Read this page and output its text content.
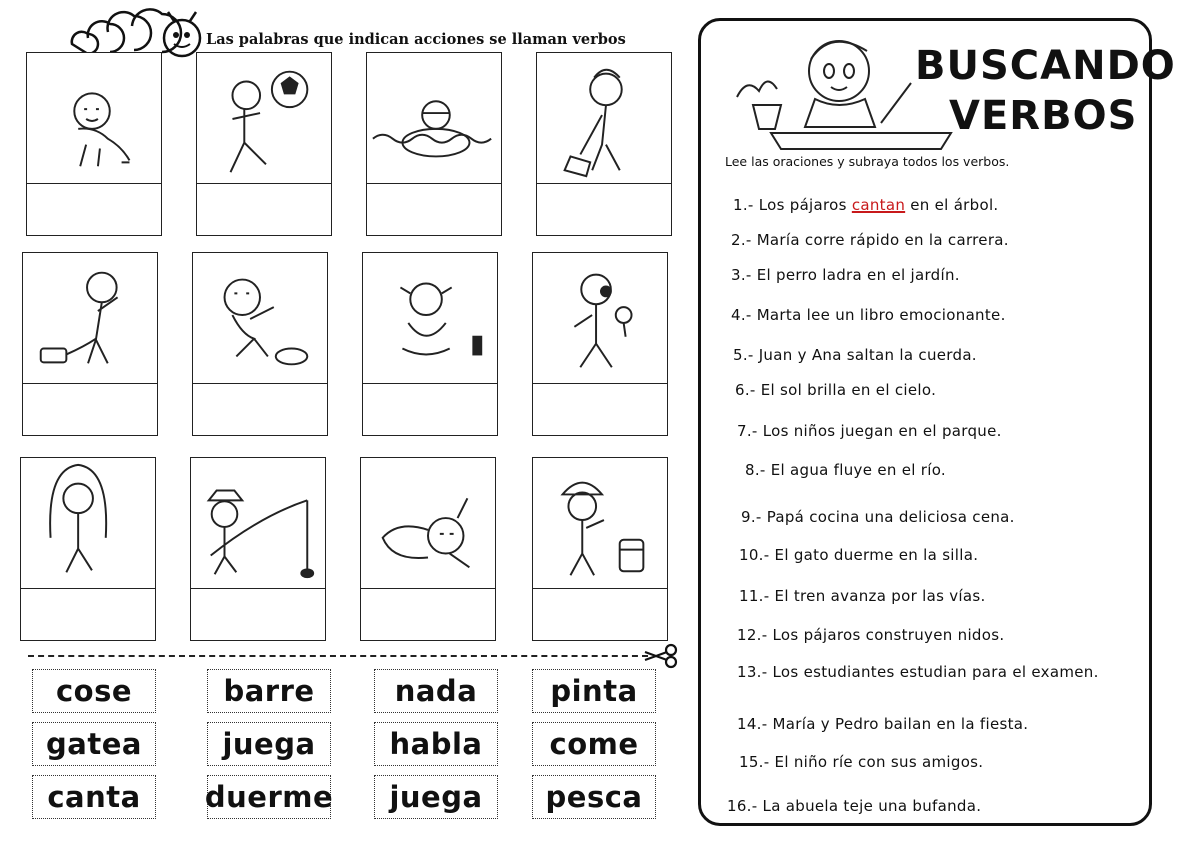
Las palabras que indican acciones se llaman verbos
cose	barre	nada	pinta
gatea	juega	habla	come
canta	duerme	juega	pesca
BUSCANDO
VERBOS
Lee las oraciones y subraya todos los verbos.
1.- Los pájaros cantan en el árbol.
2.- María corre rápido en la carrera.
3.- El perro ladra en el jardín.
4.- Marta lee un libro emocionante.
5.- Juan y Ana saltan la cuerda.
6.- El sol brilla en el cielo.
7.- Los niños juegan en el parque.
8.- El agua fluye en el río.
9.- Papá cocina una deliciosa cena.
10.- El gato duerme en la silla.
11.- El tren avanza por las vías.
12.- Los pájaros construyen nidos.
13.- Los estudiantes estudian para el examen.
14.- María y Pedro bailan en la fiesta.
15.- El niño ríe con sus amigos.
16.- La abuela teje una bufanda.
